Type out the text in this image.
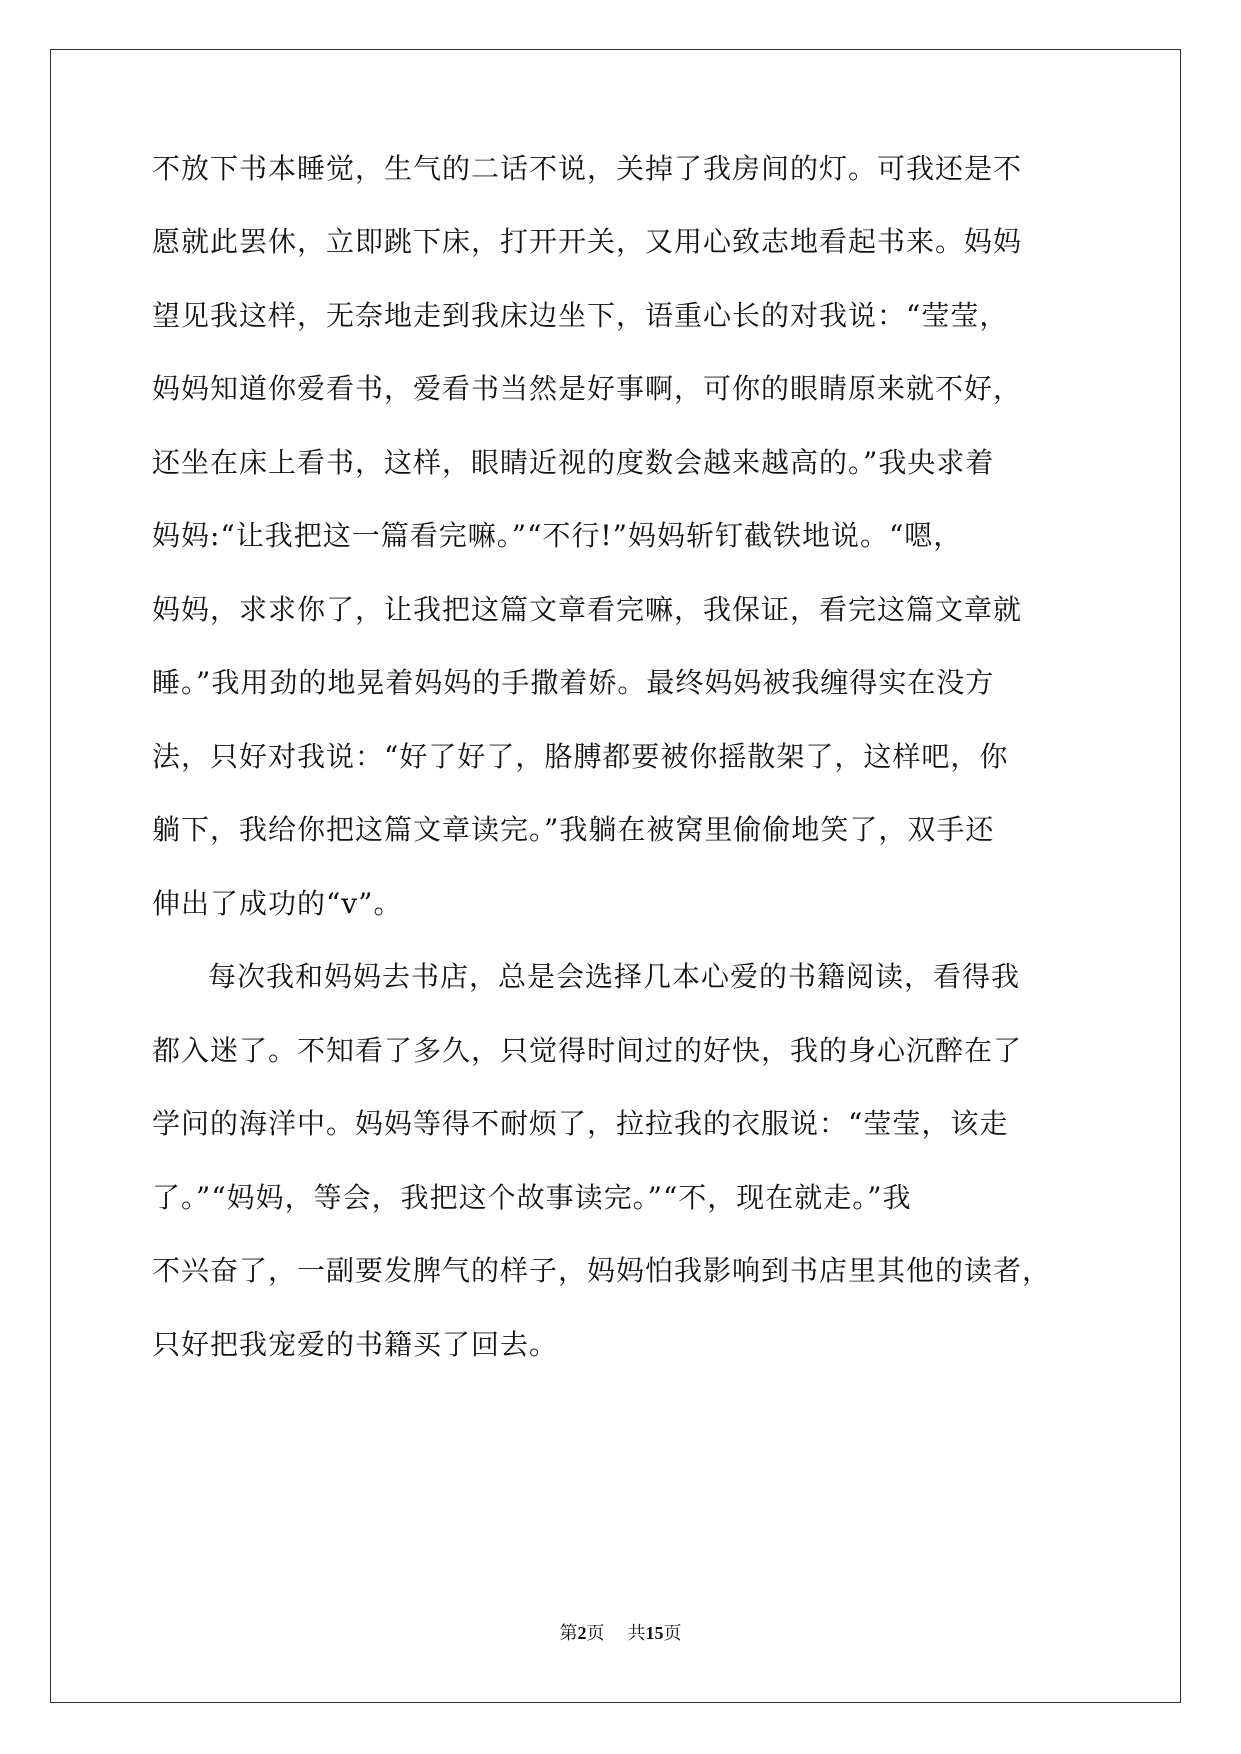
不放下书本睡觉，生气的二话不说，关掉了我房间的灯。可我还是不
愿就此罢休，立即跳下床，打开开关，又用心致志地看起书来。妈妈
望见我这样，无奈地走到我床边坐下，语重心长的对我说：“莹莹，
妈妈知道你爱看书，爱看书当然是好事啊，可你的眼睛原来就不好，
还坐在床上看书，这样，眼睛近视的度数会越来越高的。”我央求着
妈妈:“让我把这一篇看完嘛。”“不行!”妈妈斩钉截铁地说。“嗯，
妈妈，求求你了，让我把这篇文章看完嘛，我保证，看完这篇文章就
睡。”我用劲的地晃着妈妈的手撒着娇。最终妈妈被我缠得实在没方
法，只好对我说：“好了好了，胳膊都要被你摇散架了，这样吧，你
躺下，我给你把这篇文章读完。”我躺在被窝里偷偷地笑了，双手还
伸出了成功的“v”。
每次我和妈妈去书店，总是会选择几本心爱的书籍阅读，看得我
都入迷了。不知看了多久，只觉得时间过的好快，我的身心沉醉在了
学问的海洋中。妈妈等得不耐烦了，拉拉我的衣服说：“莹莹，该走
了。”“妈妈，等会，我把这个故事读完。”“不，现在就走。”我
不兴奋了，一副要发脾气的样子，妈妈怕我影响到书店里其他的读者，
只好把我宠爱的书籍买了回去。
第2页 共15页
